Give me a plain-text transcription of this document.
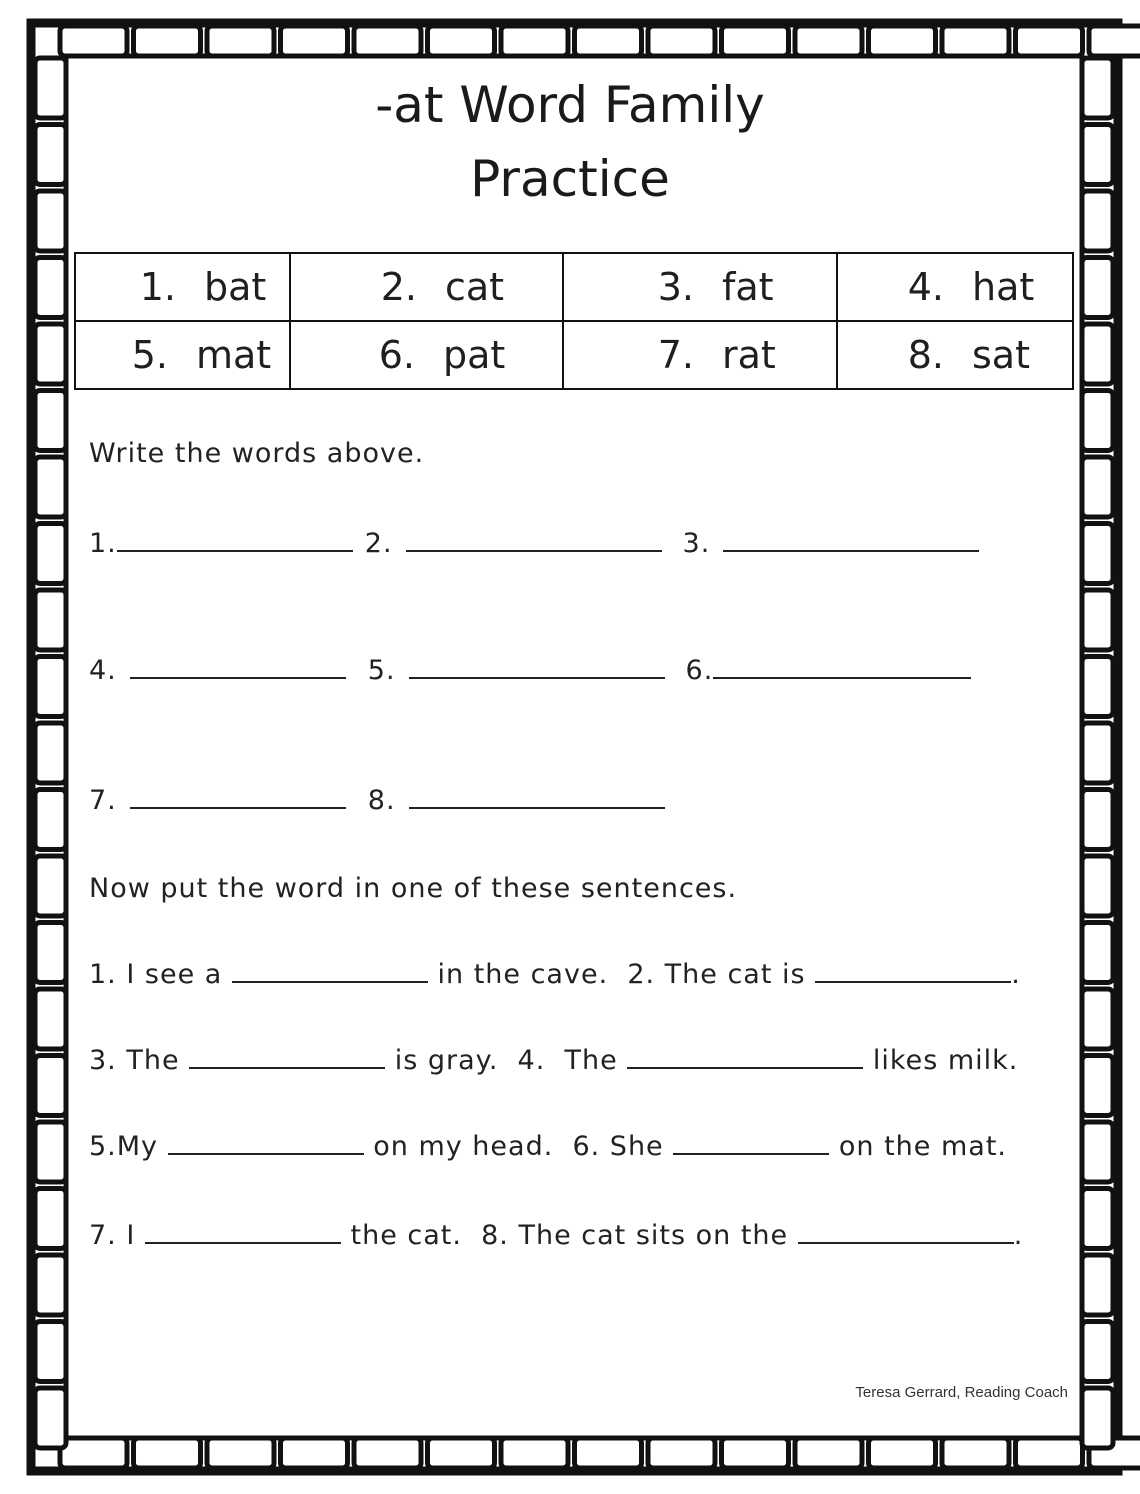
-at Word Family
Practice
1. bat	2. cat	3. fat	4. hat
5. mat	6. pat	7. rat	8. sat
Write the words above.
1.	2.	3.
4.	5.	6.
7.	8.
Now put the word in one of these sentences.
1. I see a	in the cave.  2. The cat is	.
3. The	is gray.  4.  The	likes milk.
5.My	on my head.  6. She	on the mat.
7. I	the cat.  8. The cat sits on the	.
Teresa Gerrard, Reading Coach
